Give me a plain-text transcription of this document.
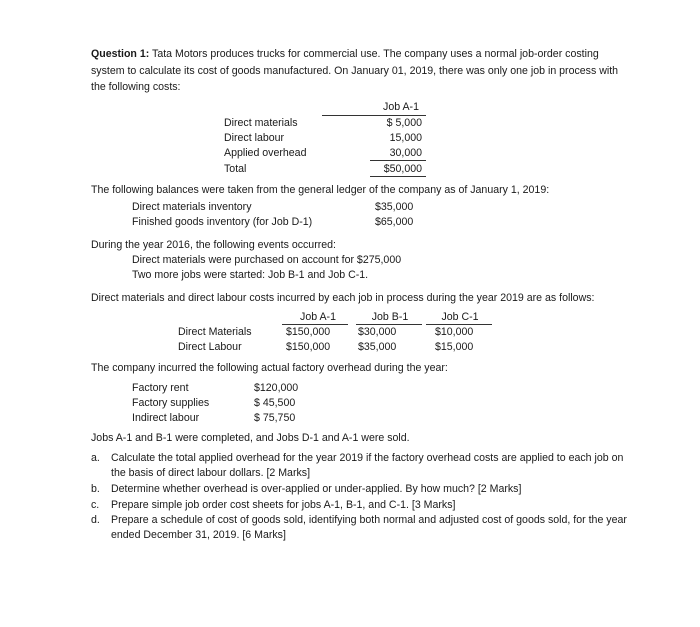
Question 1: Tata Motors produces trucks for commercial use. The company uses a normal job-order costing system to calculate its cost of goods manufactured. On January 01, 2019, there was only one job in process with the following costs:
Job A-1
Direct materials	$ 5,000
Direct labour	15,000
Applied overhead	30,000
Total	$50,000
The following balances were taken from the general ledger of the company as of January 1, 2019:
Direct materials inventory	$35,000
Finished goods inventory (for Job D-1)	$65,000
During the year 2016, the following events occurred:
Direct materials were purchased on account for $275,000
Two more jobs were started: Job B-1 and Job C-1.
Direct materials and direct labour costs incurred by each job in process during the year 2019 are as follows:
Job A-1	Job B-1	Job C-1
Direct Materials	$150,000	$30,000	$10,000
Direct Labour	$150,000	$35,000	$15,000
The company incurred the following actual factory overhead during the year:
Factory rent	$120,000
Factory supplies	$ 45,500
Indirect labour	$ 75,750
Jobs A-1 and B-1 were completed, and Jobs D-1 and A-1 were sold.
a. Calculate the total applied overhead for the year 2019 if the factory overhead costs are applied to each job on the basis of direct labour dollars. [2 Marks]
b. Determine whether overhead is over-applied or under-applied. By how much? [2 Marks]
c. Prepare simple job order cost sheets for jobs A-1, B-1, and C-1. [3 Marks]
d. Prepare a schedule of cost of goods sold, identifying both normal and adjusted cost of goods sold, for the year ended December 31, 2019. [6 Marks]
